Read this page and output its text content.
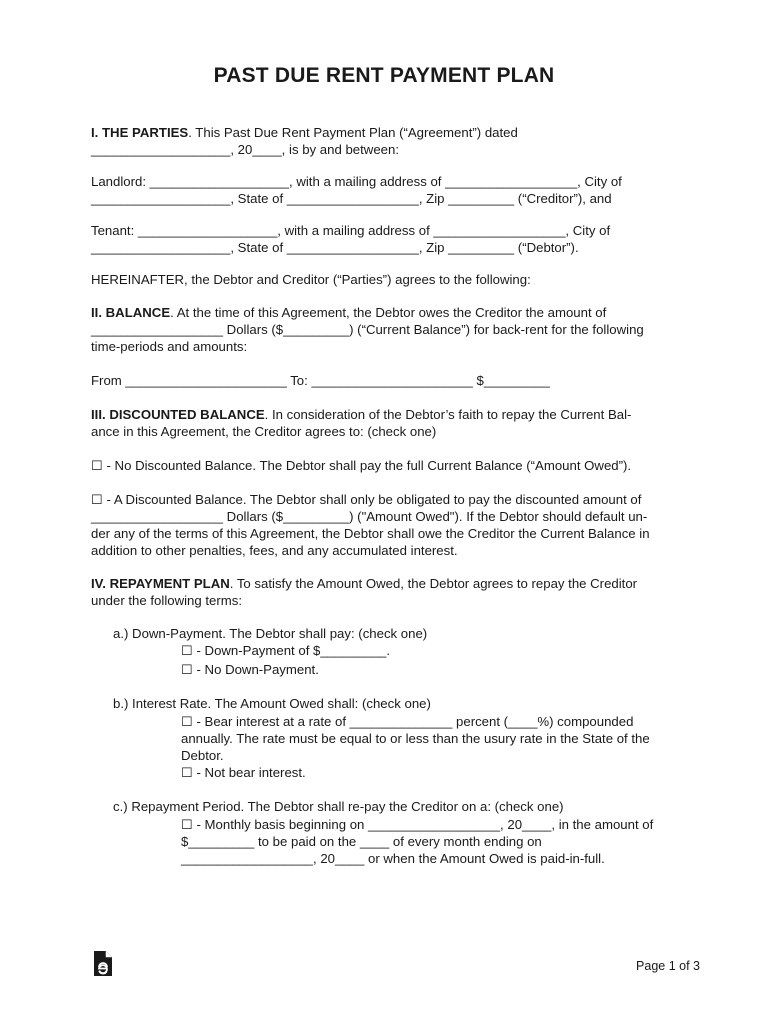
PAST DUE RENT PAYMENT PLAN

I. THE PARTIES. This Past Due Rent Payment Plan (“Agreement”) dated

___________________, 20____, is by and between:

Landlord: ___________________, with a mailing address of __________________, City of

___________________, State of __________________, Zip _________ (“Creditor”), and

Tenant: ___________________, with a mailing address of __________________, City of

___________________, State of __________________, Zip _________ (“Debtor”).

HEREINAFTER, the Debtor and Creditor (“Parties”) agrees to the following:

II. BALANCE. At the time of this Agreement, the Debtor owes the Creditor the amount of

__________________ Dollars ($_________) (“Current Balance”) for back-rent for the following

time-periods and amounts:

From ______________________ To: ______________________ $_________

III. DISCOUNTED BALANCE. In consideration of the Debtor’s faith to repay the Current Bal-

ance in this Agreement, the Creditor agrees to: (check one)

☐ - No Discounted Balance. The Debtor shall pay the full Current Balance (“Amount Owed”).

☐ - A Discounted Balance. The Debtor shall only be obligated to pay the discounted amount of

__________________ Dollars ($_________) ("Amount Owed"). If the Debtor should default un-

der any of the terms of this Agreement, the Debtor shall owe the Creditor the Current Balance in

addition to other penalties, fees, and any accumulated interest.

IV. REPAYMENT PLAN. To satisfy the Amount Owed, the Debtor agrees to repay the Creditor

under the following terms:

a.) Down-Payment. The Debtor shall pay: (check one)

☐ - Down-Payment of $_________.

☐ - No Down-Payment.

b.) Interest Rate. The Amount Owed shall: (check one)

☐ - Bear interest at a rate of ______________ percent (____%) compounded

annually. The rate must be equal to or less than the usury rate in the State of the

Debtor.

☐ - Not bear interest.

c.) Repayment Period. The Debtor shall re-pay the Creditor on a: (check one)

☐ - Monthly basis beginning on __________________, 20____, in the amount of

$_________ to be paid on the ____ of every month ending on

__________________, 20____ or when the Amount Owed is paid-in-full.

Page 1 of 3
